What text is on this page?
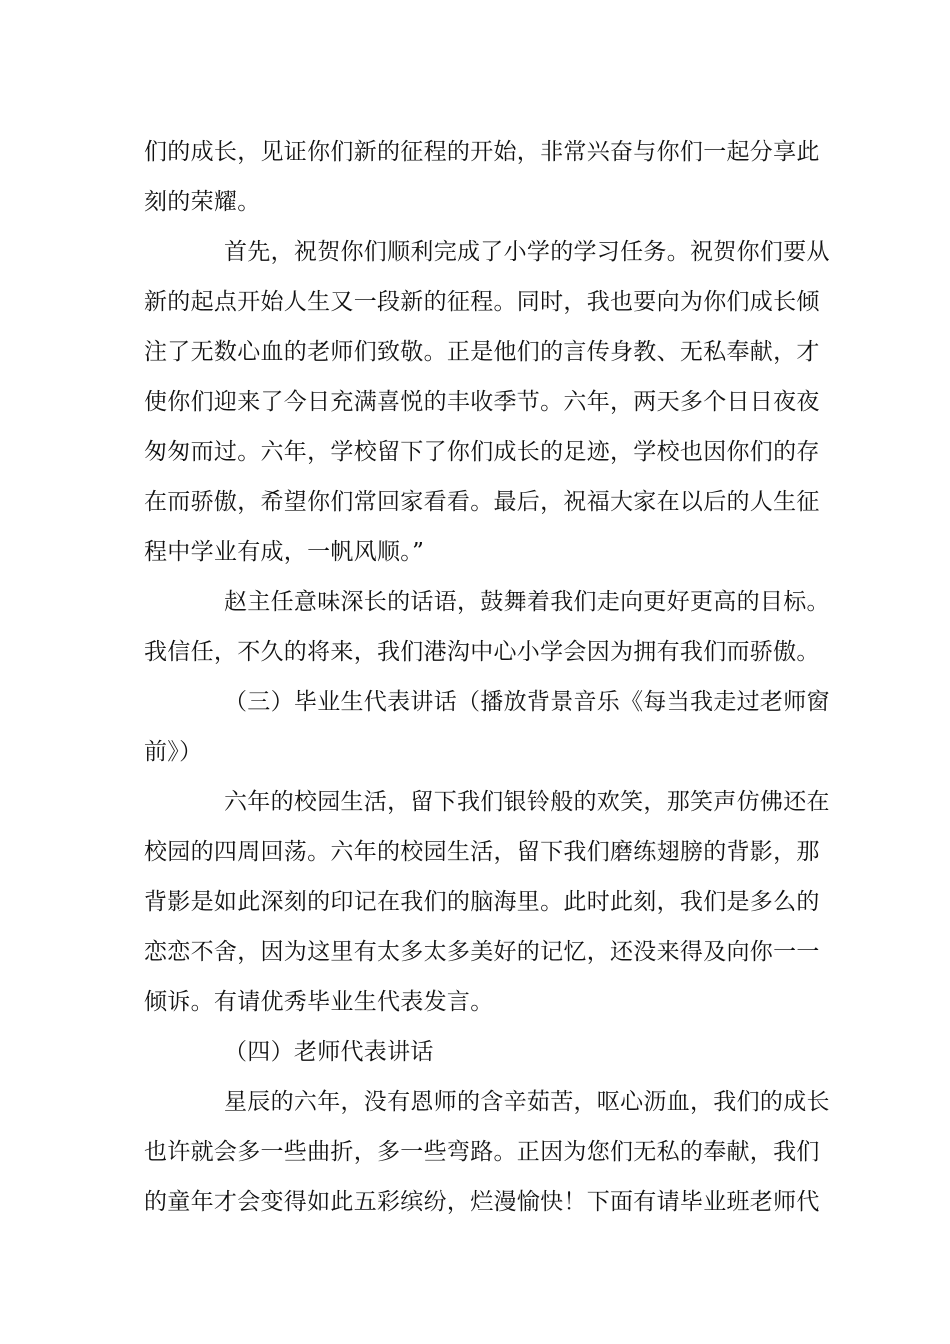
们的成长，见证你们新的征程的开始，非常兴奋与你们一起分享此
刻的荣耀。
首先，祝贺你们顺利完成了小学的学习任务。祝贺你们要从
新的起点开始人生又一段新的征程。同时，我也要向为你们成长倾
注了无数心血的老师们致敬。正是他们的言传身教、无私奉献，才
使你们迎来了今日充满喜悦的丰收季节。六年，两天多个日日夜夜
匆匆而过。六年，学校留下了你们成长的足迹，学校也因你们的存
在而骄傲，希望你们常回家看看。最后，祝福大家在以后的人生征
程中学业有成，一帆风顺。”
赵主任意味深长的话语，鼓舞着我们走向更好更高的目标。
我信任，不久的将来，我们港沟中心小学会因为拥有我们而骄傲。
（三）毕业生代表讲话（播放背景音乐《每当我走过老师窗
前》）
六年的校园生活，留下我们银铃般的欢笑，那笑声仿佛还在
校园的四周回荡。六年的校园生活，留下我们磨练翅膀的背影，那
背影是如此深刻的印记在我们的脑海里。此时此刻，我们是多么的
恋恋不舍，因为这里有太多太多美好的记忆，还没来得及向你一一
倾诉。有请优秀毕业生代表发言。
（四）老师代表讲话
星辰的六年，没有恩师的含辛茹苦，呕心沥血，我们的成长
也许就会多一些曲折，多一些弯路。正因为您们无私的奉献，我们
的童年才会变得如此五彩缤纷，烂漫愉快！下面有请毕业班老师代
